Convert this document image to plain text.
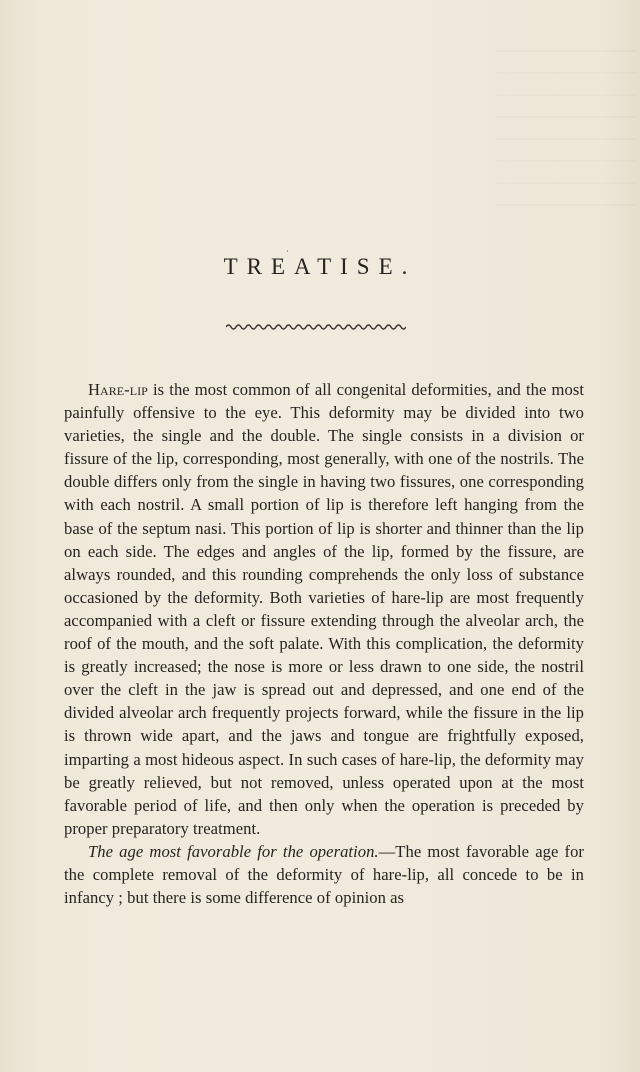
~~~~~~~~~~~~~~~~~~~~
~~~~~~~~~~~~~~~~~~~~
~~~~~~~~~~~~~~~~~~~~
~~~~~~~~~~~~~~~~~~~~
~~~~~~~~~~~~~~~~~~~~
~~~~~~~~~~~~~~~~~~~~
~~~~~~~~~~~~~~~~~~~~
~~~~~~~~~~~~~~~~~~~~
·
TREATISE.

Hare-lip is the most common of all congenital deformities, and the most painfully offensive to the eye. This deformity may be divided into two varieties, the single and the double. The single consists in a division or fissure of the lip, corresponding, most generally, with one of the nostrils. The double differs only from the single in having two fissures, one corresponding with each nostril. A small portion of lip is therefore left hanging from the base of the septum nasi. This portion of lip is shorter and thinner than the lip on each side. The edges and angles of the lip, formed by the fissure, are always rounded, and this rounding comprehends the only loss of substance occasioned by the deformity. Both varieties of hare-lip are most frequently accompanied with a cleft or fissure extending through the alveolar arch, the roof of the mouth, and the soft palate. With this complication, the deformity is greatly increased; the nose is more or less drawn to one side, the nostril over the cleft in the jaw is spread out and depressed, and one end of the divided alveolar arch frequently projects forward, while the fissure in the lip is thrown wide apart, and the jaws and tongue are frightfully exposed, imparting a most hideous aspect. In such cases of hare-lip, the deformity may be greatly relieved, but not removed, unless operated upon at the most favorable period of life, and then only when the operation is preceded by proper preparatory treatment.

The age most favorable for the operation.—The most favorable age for the complete removal of the deformity of hare-lip, all concede to be in infancy ; but there is some difference of opinion as
